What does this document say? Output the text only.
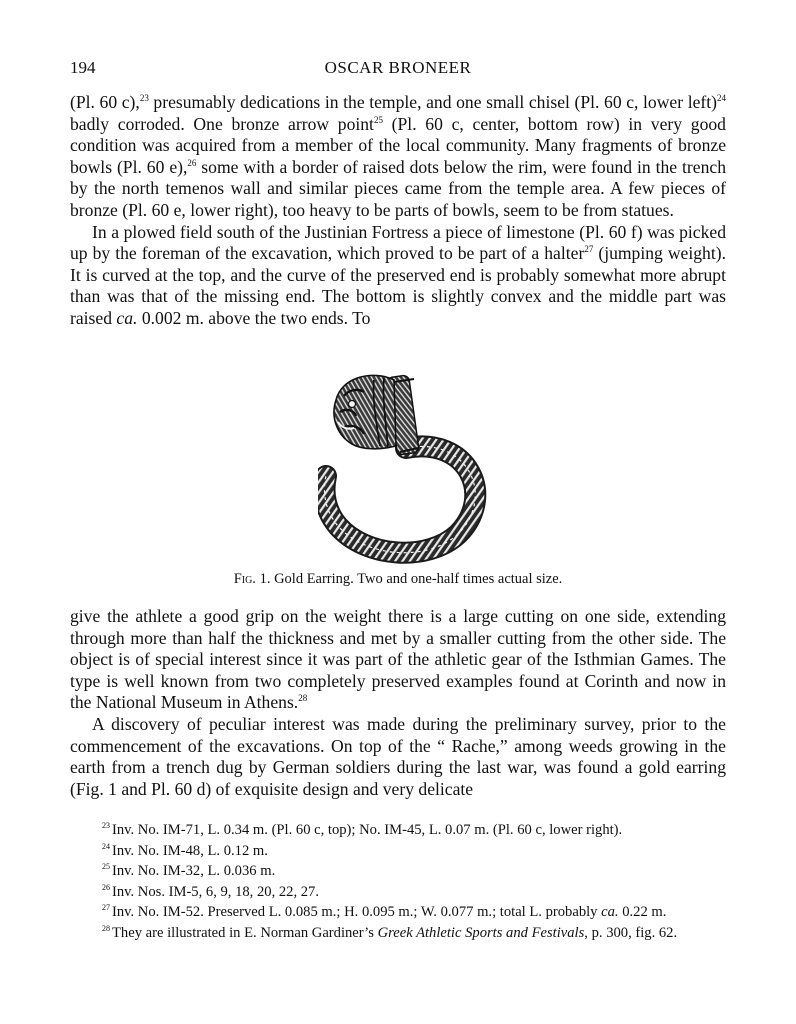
194	OSCAR BRONEER

(Pl. 60 c),$^{23}$ presumably dedications in the temple, and one small chisel (Pl. 60 c, lower left)$^{24}$ badly corroded. One bronze arrow point$^{25}$ (Pl. 60 c, center, bottom row) in very good condition was acquired from a member of the local community. Many fragments of bronze bowls (Pl. 60 e),$^{26}$ some with a border of raised dots below the rim, were found in the trench by the north temenos wall and similar pieces came from the temple area. A few pieces of bronze (Pl. 60 e, lower right), too heavy to be parts of bowls, seem to be from statues.

In a plowed field south of the Justinian Fortress a piece of limestone (Pl. 60 f) was picked up by the foreman of the excavation, which proved to be part of a halter$^{27}$ (jumping weight). It is curved at the top, and the curve of the preserved end is probably somewhat more abrupt than was that of the missing end. The bottom is slightly convex and the middle part was raised ca. 0.002 m. above the two ends. To

Fig. 1. Gold Earring. Two and one-half times actual size.

give the athlete a good grip on the weight there is a large cutting on one side, extending through more than half the thickness and met by a smaller cutting from the other side. The object is of special interest since it was part of the athletic gear of the Isthmian Games. The type is well known from two completely preserved examples found at Corinth and now in the National Museum in Athens.$^{28}$

A discovery of peculiar interest was made during the preliminary survey, prior to the commencement of the excavations. On top of the “ Rache,” among weeds growing in the earth from a trench dug by German soldiers during the last war, was found a gold earring (Fig. 1 and Pl. 60 d) of exquisite design and very delicate

$^{23}$ Inv. No. IM-71, L. 0.34 m. (Pl. 60 c, top); No. IM-45, L. 0.07 m. (Pl. 60 c, lower right).
$^{24}$ Inv. No. IM-48, L. 0.12 m.
$^{25}$ Inv. No. IM-32, L. 0.036 m.
$^{26}$ Inv. Nos. IM-5, 6, 9, 18, 20, 22, 27.
$^{27}$ Inv. No. IM-52. Preserved L. 0.085 m.; H. 0.095 m.; W. 0.077 m.; total L. probably ca. 0.22 m.
$^{28}$ They are illustrated in E. Norman Gardiner’s Greek Athletic Sports and Festivals, p. 300, fig. 62.
